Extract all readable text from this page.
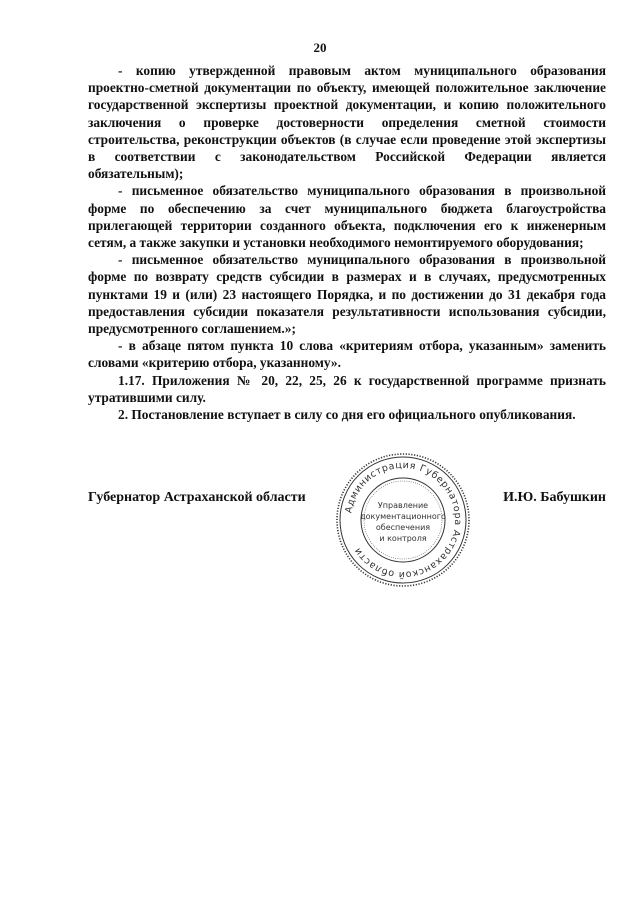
20

- копию утвержденной правовым актом муниципального образования проектно-сметной документации по объекту, имеющей положительное заключение государственной экспертизы проектной документации, и копию положительного заключения о проверке достоверности определения сметной стоимости строительства, реконструкции объектов (в случае если проведение этой экспертизы в соответствии с законодательством Российской Федерации является обязательным);

- письменное обязательство муниципального образования в произвольной форме по обеспечению за счет муниципального бюджета благоустройства прилегающей территории созданного объекта, подключения его к инженерным сетям, а также закупки и установки необходимого немонтируемого оборудования;

- письменное обязательство муниципального образования в произвольной форме по возврату средств субсидии в размерах и в случаях, предусмотренных пунктами 19 и (или) 23 настоящего Порядка, и по достижении до 31 декабря года предоставления субсидии показателя результативности использования субсидии, предусмотренного соглашением.»;

- в абзаце пятом пункта 10 слова «критериям отбора, указанным» заменить словами «критерию отбора, указанному».

1.17. Приложения № 20, 22, 25, 26 к государственной программе признать утратившими силу.

2. Постановление вступает в силу со дня его официального опубликования.

Губернатор Астраханской области	И.Ю. Бабушкин
Администрация Губернатора Астраханской области
Управление
документационного
обеспечения
и контроля
